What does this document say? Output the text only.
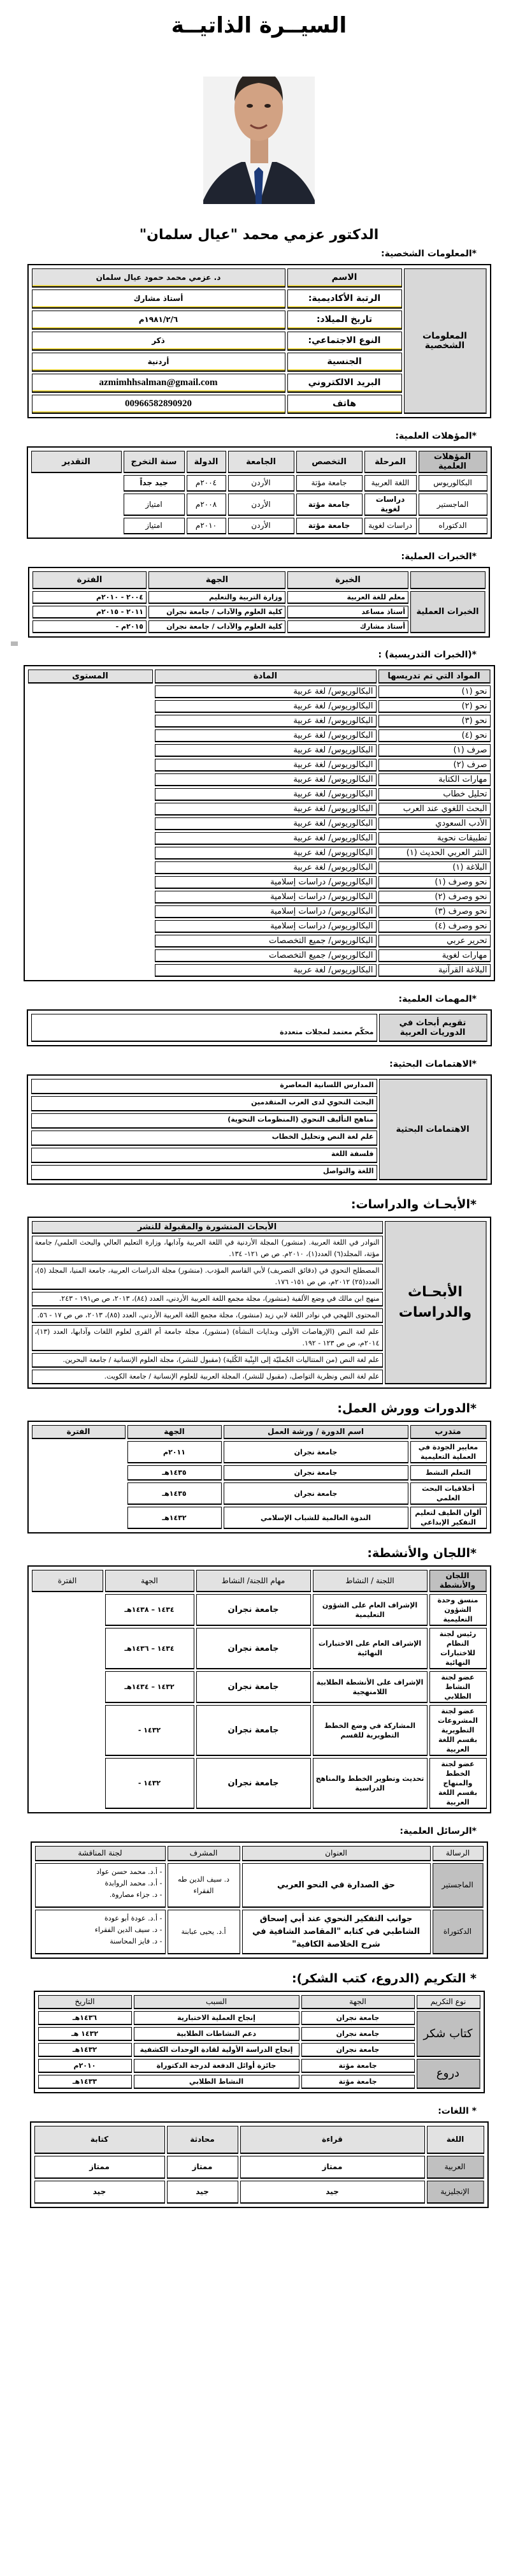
السيــرة الذاتيــة
الدكتور عزمي محمد "عيال سلمان"
*المعلومات الشخصية:
المعلومات الشخصية	الاسم	د. عزمي محمد حمود عيال سلمان
	الرتبة الأكاديمية:	أستاذ مشارك
	تاريخ الميلاد:	١٩٨١/٢/٦م
	النوع الاجتماعي:	ذكر
	الجنسية	أردنية
	البريد الالكتروني	azmimhhsalman@gmail.com
	هاتف	00966582890920
*المؤهلات العلمية:
المؤهلات العلمية	المرحلة	التخصص	الجامعة	الدولة	سنة التخرج	التقدير
البكالوريوس	اللغة العربية	جامعة مؤتة	الأردن	٢٠٠٤م	جيد جداً	
الماجستير	دراسات لغوية	جامعة مؤتة	الأردن	٢٠٠٨م	امتياز	
الدكتوراه	دراسات لغوية	جامعة مؤتة	الأردن	٢٠١٠م	امتياز	
*الخبرات العملية:
	الخبرة	الجهة	الفترة
الخبرات العملية	معلم للغة العربية	وزارة التربية والتعليم	٢٠٠٤ - ٢٠١٠م
	أستاذ مساعد	كلية العلوم والآداب / جامعة نجران	٢٠١١ - ٢٠١٥م
	أستاذ مشارك	كلية العلوم والآداب / جامعة نجران	٢٠١٥م -
*(الخبرات التدريسية) :
المواد التي تم تدريسها	المادة	المستوى
نحو (١)	البكالوريوس/ لغة عربية	
نحو (٢)	البكالوريوس/ لغة عربية	
نحو (٣)	البكالوريوس/ لغة عربية	
نحو (٤)	البكالوريوس/ لغة عربية	
صرف (١)	البكالوريوس/ لغة عربية	
صرف (٢)	البكالوريوس/ لغة عربية	
مهارات الكتابة	البكالوريوس/ لغة عربية	
تحليل خطاب	البكالوريوس/ لغة عربية	
البحث اللغوي عند العرب	البكالوريوس/ لغة عربية	
الأدب السعودي	البكالوريوس/ لغة عربية	
تطبيقات نحوية	البكالوريوس/ لغة عربية	
النثر العربي الحديث (١)	البكالوريوس/ لغة عربية	
البلاغة (١)	البكالوريوس/ لغة عربية	
نحو وصرف (١)	البكالوريوس/ دراسات إسلامية	
نحو وصرف (٢)	البكالوريوس/ دراسات إسلامية	
نحو وصرف (٣)	البكالوريوس/ دراسات إسلامية	
نحو وصرف (٤)	البكالوريوس/ دراسات إسلامية	
تحرير عربي	البكالوريوس/ جميع التخصصات	
مهارات لغوية	البكالوريوس/ جميع التخصصات	
البلاغة القرآنية	البكالوريوس/ لغة عربية	
*المهمات العلمية:
تقويم أبحاث في الدوريات العربية	محكّم معتمد لمجلات متعددة
*الاهتمامات البحثية:
الاهتمامات البحثية	المدارس اللسانية المعاصرة
البحث النحوي لدى العرب المتقدمين
مناهج التأليف النحوي (المنظومات النحوية)
علم لغة النص وتحليل الخطاب
فلسفة اللغة
اللغة والتواصل
*الأبحـاث والدراسات:
الأبحـاث والدراسات	الأبحاث المنشورة والمقبولة للنشر
النوادر في اللغة العربية. (منشور) المجلة الأردنية في اللغة العربية وآدابها، وزارة التعليم العالي والبحث العلمي/ جامعة مؤتة، المجلد(٦) العدد(١)، ٢٠١٠م. ص ص ١٢١- ١٣٤.
المصطلح النحوي في (دقائق التصريف) لأبي القاسم المؤدب. (منشور) مجلة الدراسات العربية، جامعة المنيا، المجلد (٥)، العدد(٢٥) ٢٠١٢م، ص ص ١٥١- ١٧٦.
منهج ابن مالك في وضع الألفية (منشور)، مجلة مجمع اللغة العربية الأردني، العدد (٨٤)، ٢٠١٣، ص ص١٩١ - ٢٤٣.
المحتوى اللهجي في نوادر اللغة لابي زيد (منشور)، مجلة مجمع اللغة العربية الأردني، العدد (٨٥)، ٢٠١٣، ص ص ١٧ - ٥٦.
علم لغة النص (الإرهاصات الأولى وبدايات النشأة) (منشور)، مجلة جامعة أم القرى لعلوم اللغات وآدابها، العدد (١٣)، ٢٠١٤م، ص ص ١٢٣ - ١٩٢.
علم لغة النص (من المتتاليات الجُمليّة إلى البِنْية الكُلية) (مقبول للنشر)، مجلة العلوم الإنسانية / جامعة البحرين.
علم لغة النص ونظرية التواصل، (مقبول للنشر)، المجلة العربية للعلوم الإنسانية / جامعة الكويت.
*الدورات وورش العمل:
متدرب	اسم الدورة / ورشة العمل	الجهة	الفترة
معايير الجودة في العملية التعليمية	جامعة نجران	٢٠١١م	
التعلم النشط	جامعة نجران	١٤٣٥هـ	
أخلاقيات البحث العلمي	جامعة نجران	١٤٣٥هـ	
ألوان الطيف لتعليم التفكير الإبداعي	الندوة العالمية للشباب الإسلامي	١٤٣٢هـ	
*اللجان والأنشطة:
اللجان والأنشطة	اللجنة / النشاط	مهام اللجنة/ النشاط	الجهة	الفترة
منسق وحدة الشؤون التعليمية	الإشراف العام على الشؤون التعليمية	جامعة نجران	١٤٣٤ – ١٤٣٨هـ	
رئيس لجنة النظام للاختبارات النهائية	الإشراف العام على الاختبارات النهائية	جامعة نجران	١٤٣٤ – ١٤٣٦هـ	
عضو لجنة النشاط الطلابي	الإشراف على الأنشطة الطلابية اللامنهجية	جامعة نجران	١٤٣٢ – ١٤٣٤هـ	
عضو لجنة المشروعات التطويرية بقسم اللغة العربية	المشاركة في وضع الخطط التطويرية للقسم	جامعة نجران	١٤٣٢ -	
عضو لجنة الخطط والمنهاج بقسم اللغة العربية	تحديث وتطوير الخطط والمناهج الدراسية	جامعة نجران	١٤٣٢ -	
*الرسائل العلمية:
الرسالة	العنوان	المشرف	لجنة المناقشة
الماجستير	حق الصدارة في النحو العربي	د. سيف الدين طه الفقراء	- أ.د. محمد حسن عواد
- أ.د. محمد الروابدة
- د. جزاء مصاروة.

الدكتوراة	جوانب التفكير النحوي عند أبي إسحاق الشاطبي في كتابه "المقاصد الشافية في شرح الخلاصة الكافية"	أ.د. يحيى عبابنة	- أ.د. عودة أبو عودة
- د. سيف الدين الفقراء
- د. فايز المحاسنة
* التكريم (الدروع، كتب الشكر):
نوع التكريم	الجهة	السبب	التاريخ
كتاب شكر	جامعة نجران	إنجاح العملية الاختبارية	١٤٣٦هـ
	جامعة نجران	دعم النشاطات الطلابية	١٤٣٢ هـ
	جامعة نجران	إنجاح الدراسة الأولية لقادة الوحدات الكشفية	١٤٣٢هـ
دروع	جامعة مؤتة	جائزة أوائل الدفعة لدرجة الدكتوراة	٢٠١٠م
	جامعة مؤتة	النشاط الطلابي	١٤٣٣هـ
* اللغات:
اللغة	قراءة	محادثة	كتابة
العربية	ممتاز	ممتاز	ممتاز
الإنجليزية	جيد	جيد	جيد
